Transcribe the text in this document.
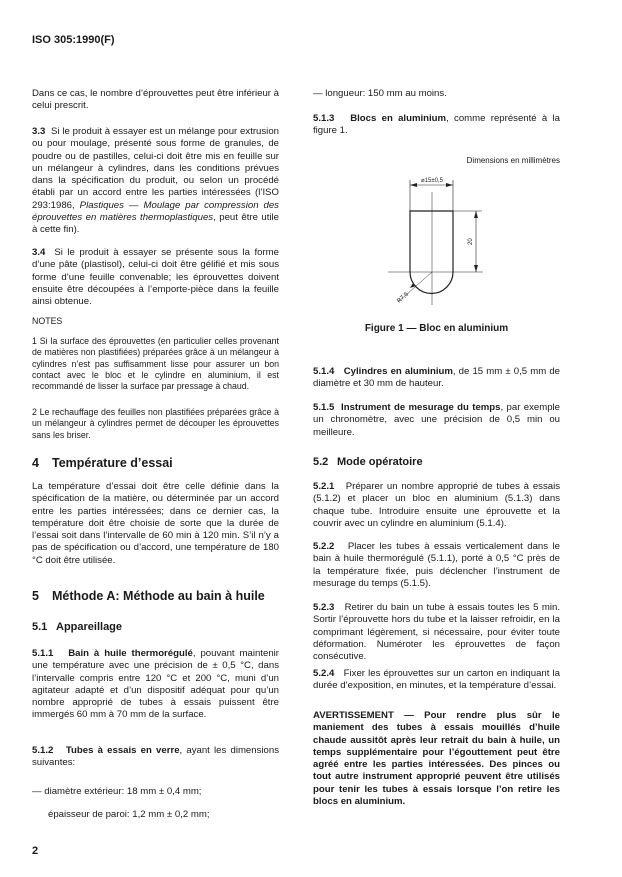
ISO 305:1990(F)
Dans ce cas, le nombre d’éprouvettes peut être inférieur à celui prescrit.
3.3 Si le produit à essayer est un mélange pour extrusion ou pour moulage, présenté sous forme de granules, de poudre ou de pastilles, celui-ci doit être mis en feuille sur un mélangeur à cylindres, dans les conditions prévues dans la spécification du produit, ou selon un procédé établi par un accord entre les parties intéressées (l’ISO 293:1986, Plastiques — Moulage par compression des éprouvettes en matières thermoplastiques, peut être utile à cette fin).
3.4 Si le produit à essayer se présente sous la forme d’une pâte (plastisol), celui-ci doit être gélifié et mis sous forme d’une feuille convenable; les éprouvettes doivent ensuite être découpées à l’emporte-pièce dans la feuille ainsi obtenue.
NOTES
1 Si la surface des éprouvettes (en particulier celles provenant de matières non plastifiées) préparées grâce à un mélangeur à cylindres n’est pas suffisamment lisse pour assurer un bon contact avec le bloc et le cylindre en aluminium, il est recommandé de lisser la surface par pressage à chaud.
2 Le rechauffage des feuilles non plastifiées préparées grâce à un mélangeur à cylindres permet de découper les éprouvettes sans les briser.
4 Température d’essai
La température d’essai doit être celle définie dans la spécification de la matière, ou déterminée par un accord entre les parties intéressées; dans ce dernier cas, la température doit être choisie de sorte que la durée de l’essai soit dans l’intervalle de 60 min à 120 min. S’il n’y a pas de spécification ou d’accord, une température de 180 °C doit être utilisée.
5 Méthode A: Méthode au bain à huile
5.1 Appareillage
5.1.1 Bain à huile thermorégulé, pouvant maintenir une température avec une précision de ± 0,5 °C, dans l’intervalle compris entre 120 °C et 200 °C, muni d’un agitateur adapté et d’un dispositif adéquat pour qu’un nombre approprié de tubes à essais puissent être immergés 60 mm à 70 mm de la surface.
5.1.2 Tubes à essais en verre, ayant les dimensions suivantes:
— diamètre extérieur: 18 mm ± 0,4 mm;
épaisseur de paroi: 1,2 mm ± 0,2 mm;
2
— longueur: 150 mm au moins.
5.1.3 Blocs en aluminium, comme représenté à la figure 1.
Dimensions en millimètres
⌀15±0,5
20
R7,5
Figure 1 — Bloc en aluminium
5.1.4 Cylindres en aluminium, de 15 mm ± 0,5 mm de diamètre et 30 mm de hauteur.
5.1.5 Instrument de mesurage du temps, par exemple un chronomètre, avec une précision de 0,5 min ou meilleure.
5.2 Mode opératoire
5.2.1 Préparer un nombre approprié de tubes à essais (5.1.2) et placer un bloc en aluminium (5.1.3) dans chaque tube. Introduire ensuite une éprouvette et la couvrir avec un cylindre en aluminium (5.1.4).
5.2.2 Placer les tubes à essais verticalement dans le bain à huile thermorégulé (5.1.1), porté à 0,5 °C près de la température fixée, puis déclencher l’instrument de mesurage du temps (5.1.5).
5.2.3 Retirer du bain un tube à essais toutes les 5 min. Sortir l’éprouvette hors du tube et la laisser refroidir, en la comprimant légèrement, si nécessaire, pour éviter toute déformation. Numéroter les éprouvettes de façon consécutive.
5.2.4 Fixer les éprouvettes sur un carton en indiquant la durée d’exposition, en minutes, et la température d’essai.
AVERTISSEMENT — Pour rendre plus sûr le maniement des tubes à essais mouillés d’huile chaude aussitôt après leur retrait du bain à huile, un temps supplémentaire pour l’égouttement peut être agréé entre les parties intéressées. Des pinces ou tout autre instrument approprié peuvent être utilisés pour tenir les tubes à essais lorsque l’on retire les blocs en aluminium.
